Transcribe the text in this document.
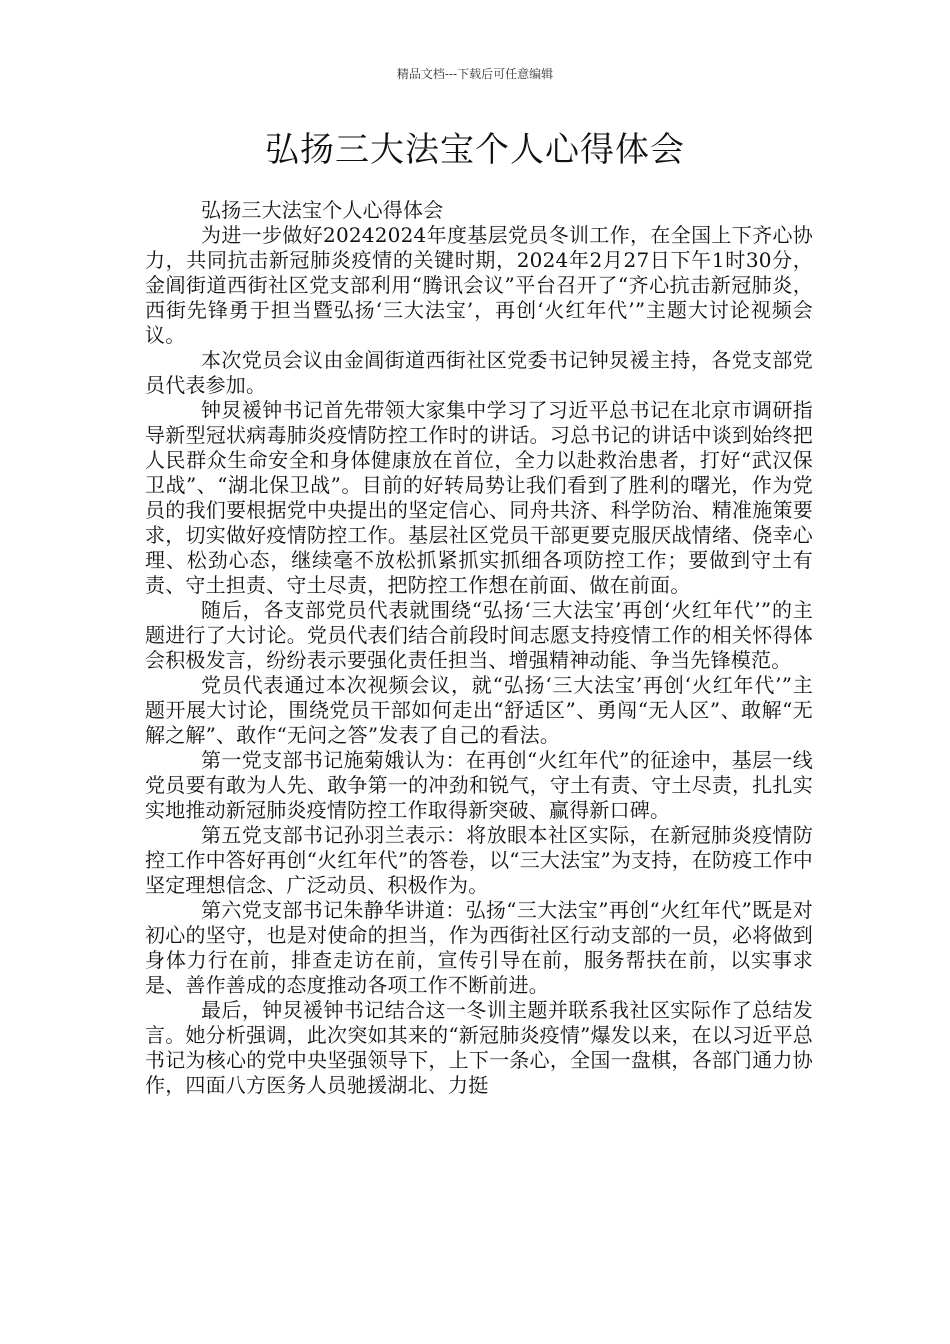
精品文档---下载后可任意编辑
弘扬三大法宝个人心得体会

弘扬三大法宝个人心得体会

为进一步做好20242024年度基层党员冬训工作，在全国上下齐心协力，共同抗击新冠肺炎疫情的关键时期，2024年2月27日下午1时30分，金阊街道西街社区党支部利用“腾讯会议”平台召开了“齐心抗击新冠肺炎，西街先锋勇于担当暨弘扬‘三大法宝’，再创‘火红年代’”主题大讨论视频会议。

本次党员会议由金阊街道西街社区党委书记钟炅褑主持，各党支部党员代表参加。

钟炅褑钟书记首先带领大家集中学习了习近平总书记在北京市调研指导新型冠状病毒肺炎疫情防控工作时的讲话。习总书记的讲话中谈到始终把人民群众生命安全和身体健康放在首位，全力以赴救治患者，打好“武汉保卫战”、“湖北保卫战”。目前的好转局势让我们看到了胜利的曙光，作为党员的我们要根据党中央提出的坚定信心、同舟共济、科学防治、精准施策要求，切实做好疫情防控工作。基层社区党员干部更要克服厌战情绪、侥幸心理、松劲心态，继续毫不放松抓紧抓实抓细各项防控工作；要做到守土有责、守土担责、守土尽责，把防控工作想在前面、做在前面。

随后，各支部党员代表就围绕“弘扬‘三大法宝’再创‘火红年代’”的主题进行了大讨论。党员代表们结合前段时间志愿支持疫情工作的相关怀得体会积极发言，纷纷表示要强化责任担当、增强精神动能、争当先锋模范。

党员代表通过本次视频会议，就“弘扬‘三大法宝’再创‘火红年代’”主题开展大讨论，围绕党员干部如何走出“舒适区”、勇闯“无人区”、敢解“无解之解”、敢作“无问之答”发表了自己的看法。

第一党支部书记施菊娥认为：在再创“火红年代”的征途中，基层一线党员要有敢为人先、敢争第一的冲劲和锐气，守土有责、守土尽责，扎扎实实地推动新冠肺炎疫情防控工作取得新突破、赢得新口碑。

第五党支部书记孙羽兰表示：将放眼本社区实际，在新冠肺炎疫情防控工作中答好再创“火红年代”的答卷，以“三大法宝”为支持，在防疫工作中坚定理想信念、广泛动员、积极作为。

第六党支部书记朱静华讲道：弘扬“三大法宝”再创“火红年代”既是对初心的坚守，也是对使命的担当，作为西街社区行动支部的一员，必将做到身体力行在前，排查走访在前，宣传引导在前，服务帮扶在前，以实事求是、善作善成的态度推动各项工作不断前进。

最后，钟炅褑钟书记结合这一冬训主题并联系我社区实际作了总结发言。她分析强调，此次突如其来的“新冠肺炎疫情”爆发以来，在以习近平总书记为核心的党中央坚强领导下，上下一条心，全国一盘棋，各部门通力协作，四面八方医务人员驰援湖北、力挺
